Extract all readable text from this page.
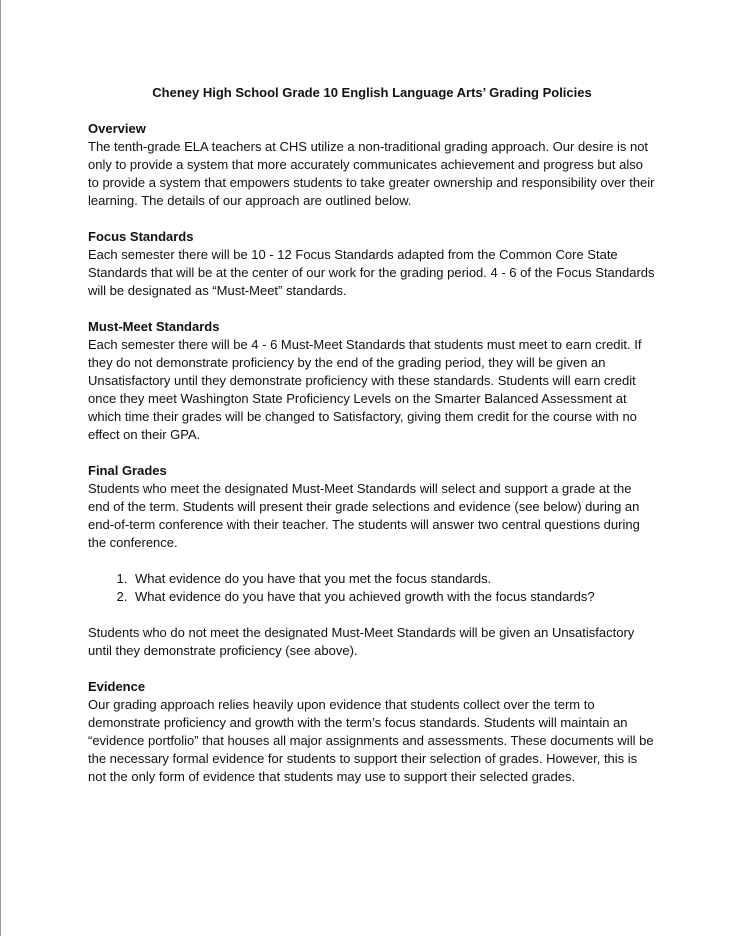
Cheney High School Grade 10 English Language Arts’ Grading Policies

Overview

The tenth-grade ELA teachers at CHS utilize a non-traditional grading approach. Our desire is not only to provide a system that more accurately communicates achievement and progress but also to provide a system that empowers students to take greater ownership and responsibility over their learning. The details of our approach are outlined below.

Focus Standards

Each semester there will be 10 - 12 Focus Standards adapted from the Common Core State Standards that will be at the center of our work for the grading period. 4 - 6 of the Focus Standards will be designated as “Must-Meet” standards.

Must-Meet Standards

Each semester there will be 4 - 6 Must-Meet Standards that students must meet to earn credit. If they do not demonstrate proficiency by the end of the grading period, they will be given an Unsatisfactory until they demonstrate proficiency with these standards. Students will earn credit once they meet Washington State Proficiency Levels on the Smarter Balanced Assessment at which time their grades will be changed to Satisfactory, giving them credit for the course with no effect on their GPA.

Final Grades

Students who meet the designated Must-Meet Standards will select and support a grade at the end of the term. Students will present their grade selections and evidence (see below) during an end-of-term conference with their teacher. The students will answer two central questions during the conference.

1. What evidence do you have that you met the focus standards.
2. What evidence do you have that you achieved growth with the focus standards?

Students who do not meet the designated Must-Meet Standards will be given an Unsatisfactory until they demonstrate proficiency (see above).

Evidence

Our grading approach relies heavily upon evidence that students collect over the term to demonstrate proficiency and growth with the term’s focus standards. Students will maintain an “evidence portfolio” that houses all major assignments and assessments. These documents will be the necessary formal evidence for students to support their selection of grades. However, this is not the only form of evidence that students may use to support their selected grades.
